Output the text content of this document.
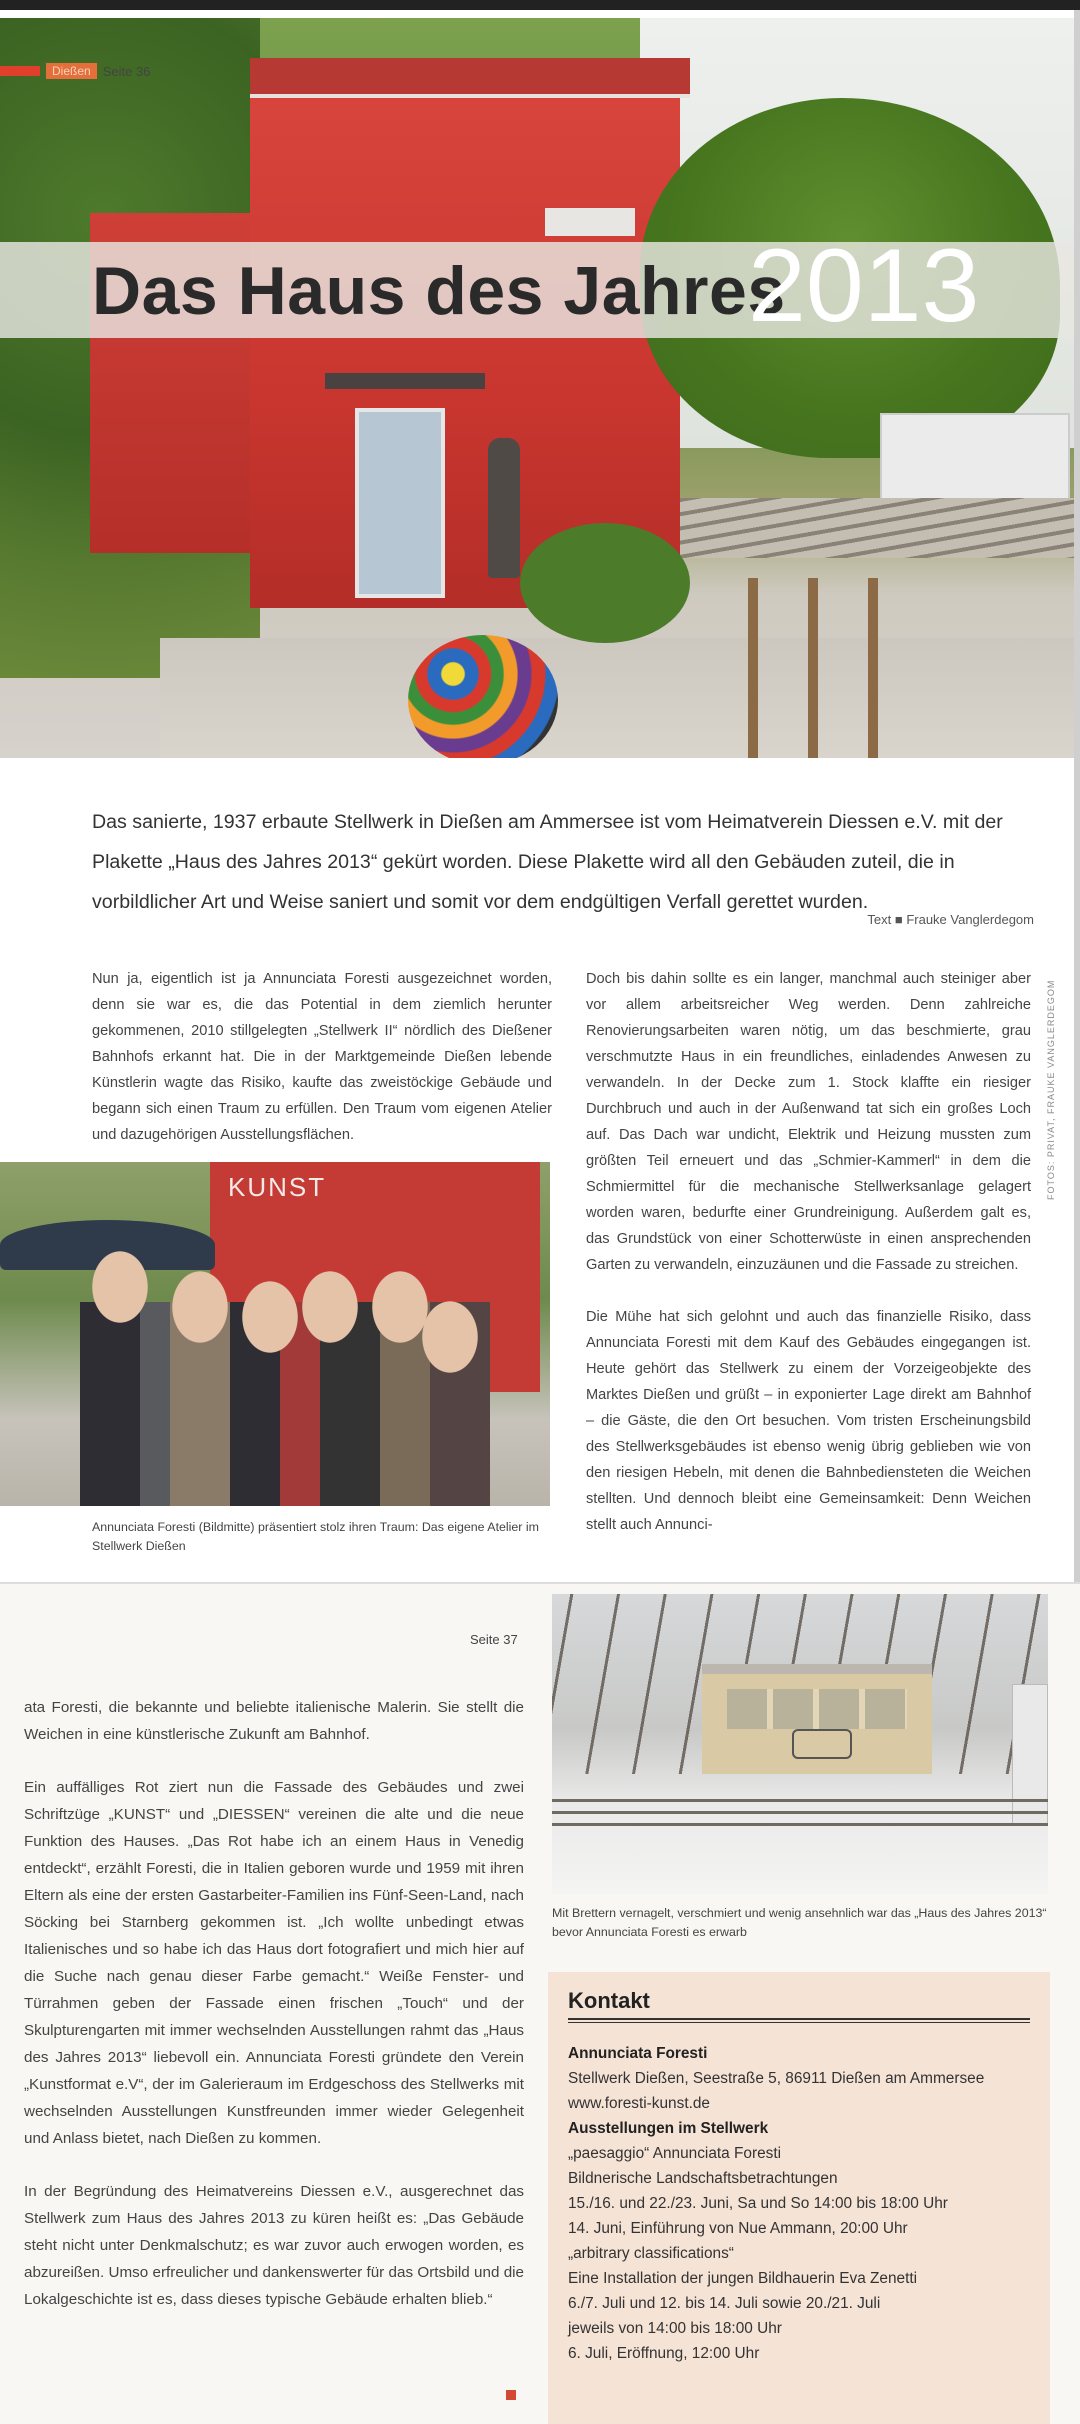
Dießen Seite 36
Das Haus des Jahres
2013

Das sanierte, 1937 erbaute Stellwerk in Dießen am Ammersee ist vom Heimatverein Diessen e.V. mit der Plakette „Haus des Jahres 2013“ gekürt worden. Diese Plakette wird all den Gebäuden zuteil, die in vorbildlicher Art und Weise saniert und somit vor dem endgültigen Verfall gerettet wurden.

Text ■ Frauke Vanglerdegom

Nun ja, eigentlich ist ja Annunciata Foresti ausgezeichnet worden, denn sie war es, die das Potential in dem ziemlich herunter gekommenen, 2010 stillgelegten „Stellwerk II“ nördlich des Dießener Bahnhofs erkannt hat. Die in der Marktgemeinde Dießen lebende Künstlerin wagte das Risiko, kaufte das zweistöckige Gebäude und begann sich einen Traum zu erfüllen. Den Traum vom eigenen Atelier und dazugehörigen Ausstellungsflächen.

Doch bis dahin sollte es ein langer, manchmal auch steiniger aber vor allem arbeitsreicher Weg werden. Denn zahlreiche Renovierungsarbeiten waren nötig, um das beschmierte, grau verschmutzte Haus in ein freundliches, einladendes Anwesen zu verwandeln. In der Decke zum 1. Stock klaffte ein riesiger Durchbruch und auch in der Außenwand tat sich ein großes Loch auf. Das Dach war undicht, Elektrik und Heizung mussten zum größten Teil erneuert und das „Schmier-Kammerl“ in dem die Schmiermittel für die mechanische Stellwerksanlage gelagert worden waren, bedurfte einer Grundreinigung. Außerdem galt es, das Grundstück von einer Schotterwüste in einen ansprechenden Garten zu verwandeln, einzuzäunen und die Fassade zu streichen.

Die Mühe hat sich gelohnt und auch das finanzielle Risiko, dass Annunciata Foresti mit dem Kauf des Gebäudes eingegangen ist. Heute gehört das Stellwerk zu einem der Vorzeigeobjekte des Marktes Dießen und grüßt – in exponierter Lage direkt am Bahnhof – die Gäste, die den Ort besuchen. Vom tristen Erscheinungsbild des Stellwerksgebäudes ist ebenso wenig übrig geblieben wie von den riesigen Hebeln, mit denen die Bahnbediensteten die Weichen stellten. Und dennoch bleibt eine Gemeinsamkeit: Denn Weichen stellt auch Annunci-

FOTOS: PRIVAT, FRAUKE VANGLERDEGOM
KUNST

Annunciata Foresti (Bildmitte) präsentiert stolz ihren Traum: Das eigene Atelier im Stellwerk Dießen

Seite 37

ata Foresti, die bekannte und beliebte italienische Malerin. Sie stellt die Weichen in eine künstlerische Zukunft am Bahnhof.

Ein auffälliges Rot ziert nun die Fassade des Gebäudes und zwei Schriftzüge „KUNST“ und „DIESSEN“ vereinen die alte und die neue Funktion des Hauses. „Das Rot habe ich an einem Haus in Venedig entdeckt“, erzählt Foresti, die in Italien geboren wurde und 1959 mit ihren Eltern als eine der ersten Gastarbeiter-Familien ins Fünf-Seen-Land, nach Söcking bei Starnberg gekommen ist. „Ich wollte unbedingt etwas Italienisches und so habe ich das Haus dort fotografiert und mich hier auf die Suche nach genau dieser Farbe gemacht.“ Weiße Fenster- und Türrahmen geben der Fassade einen frischen „Touch“ und der Skulpturengarten mit immer wechselnden Ausstellungen rahmt das „Haus des Jahres 2013“ liebevoll ein. Annunciata Foresti gründete den Verein „Kunstformat e.V“, der im Galerieraum im Erdgeschoss des Stellwerks mit wechselnden Ausstellungen Kunstfreunden immer wieder Gelegenheit und Anlass bietet, nach Dießen zu kommen.

In der Begründung des Heimatvereins Diessen e.V., ausgerechnet das Stellwerk zum Haus des Jahres 2013 zu küren heißt es: „Das Gebäude steht nicht unter Denkmalschutz; es war zuvor auch erwogen worden, es abzureißen. Umso erfreulicher und dankenswerter für das Ortsbild und die Lokalgeschichte ist es, dass dieses typische Gebäude erhalten blieb.“

Mit Brettern vernagelt, verschmiert und wenig ansehnlich war das „Haus des Jahres 2013“ bevor Annunciata Foresti es erwarb

Kontakt
Annunciata Foresti
Stellwerk Dießen, Seestraße 5, 86911 Dießen am Ammersee
www.foresti-kunst.de
Ausstellungen im Stellwerk
„paesaggio“ Annunciata Foresti
Bildnerische Landschaftsbetrachtungen
15./16. und 22./23. Juni, Sa und So 14:00 bis 18:00 Uhr
14. Juni, Einführung von Nue Ammann, 20:00 Uhr
„arbitrary classifications“
Eine Installation der jungen Bildhauerin Eva Zenetti
6./7. Juli und 12. bis 14. Juli sowie 20./21. Juli
jeweils von 14:00 bis 18:00 Uhr
6. Juli, Eröffnung, 12:00 Uhr
